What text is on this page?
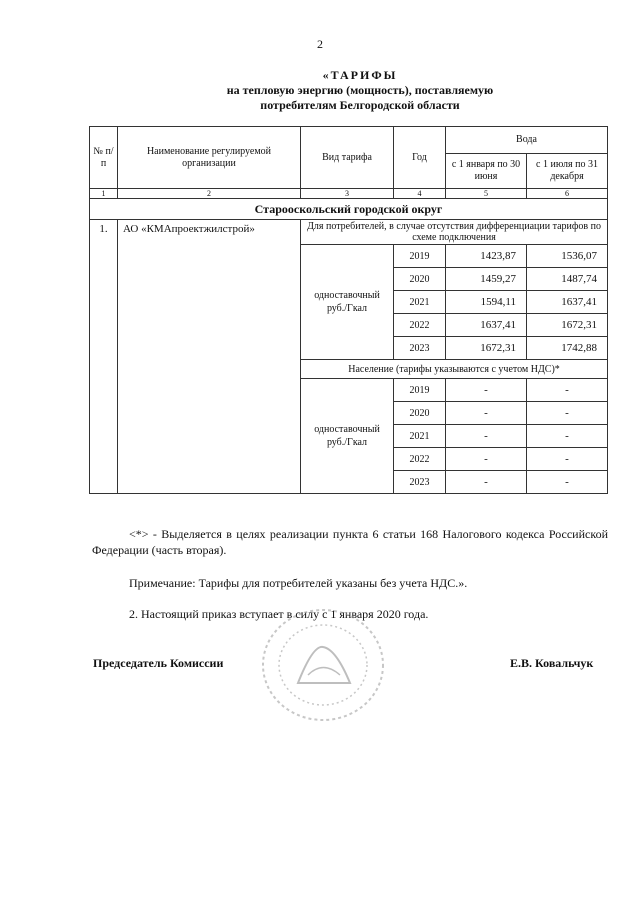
2
«ТАРИФЫ
на тепловую энергию (мощность), поставляемую
потребителям Белгородской области
№ п/п	Наименование регулируемой организации	Вид тарифа	Год	Вода	
				с 1 января по 30 июня	с 1 июля по 31 декабря
1	2	3	4	5	6
Старооскольский городской округ					
1.	АО «КМАпроектжилстрой»	Для потребителей, в случае отсутствия дифференциации тарифов по схеме подключения			
		одноставочный руб./Гкал	2019	1423,87	1536,07
			2020	1459,27	1487,74
			2021	1594,11	1637,41
			2022	1637,41	1672,31
			2023	1672,31	1742,88
		Население (тарифы указываются с учетом НДС)*			
		одноставочный руб./Гкал	2019	-	-
			2020	-	-
			2021	-	-
			2022	-	-
			2023	-	-
<*> - Выделяется в целях реализации пункта 6 статьи 168 Налогового кодекса Российской Федерации (часть вторая).
Примечание: Тарифы для потребителей указаны без учета НДС.».
2. Настоящий приказ вступает в силу с 1 января 2020 года.
Председатель Комиссии	Е.В. Ковальчук
